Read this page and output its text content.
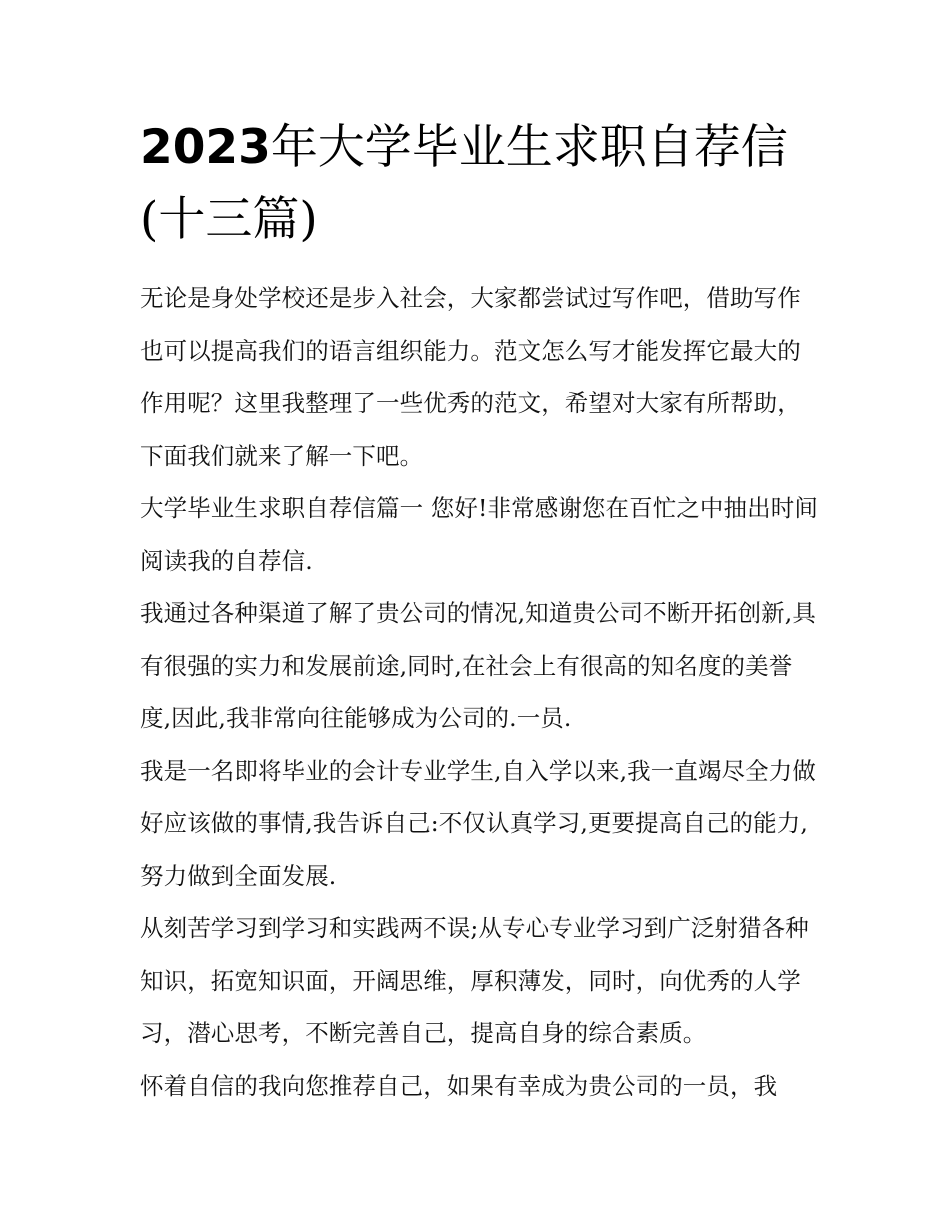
2023年大学毕业生求职自荐信(十三篇)

无论是身处学校还是步入社会，大家都尝试过写作吧，借助写作也可以提高我们的语言组织能力。范文怎么写才能发挥它最大的作用呢？这里我整理了一些优秀的范文，希望对大家有所帮助，下面我们就来了解一下吧。

大学毕业生求职自荐信篇一 您好!非常感谢您在百忙之中抽出时间阅读我的自荐信.

我通过各种渠道了解了贵公司的情况,知道贵公司不断开拓创新,具有很强的实力和发展前途,同时,在社会上有很高的知名度的美誉度,因此,我非常向往能够成为公司的.一员.

我是一名即将毕业的会计专业学生,自入学以来,我一直竭尽全力做好应该做的事情,我告诉自己:不仅认真学习,更要提高自己的能力,努力做到全面发展.

从刻苦学习到学习和实践两不误;从专心专业学习到广泛射猎各种知识，拓宽知识面，开阔思维，厚积薄发，同时，向优秀的人学习，潜心思考，不断完善自己，提高自身的综合素质。

怀着自信的我向您推荐自己，如果有幸成为贵公司的一员，我
